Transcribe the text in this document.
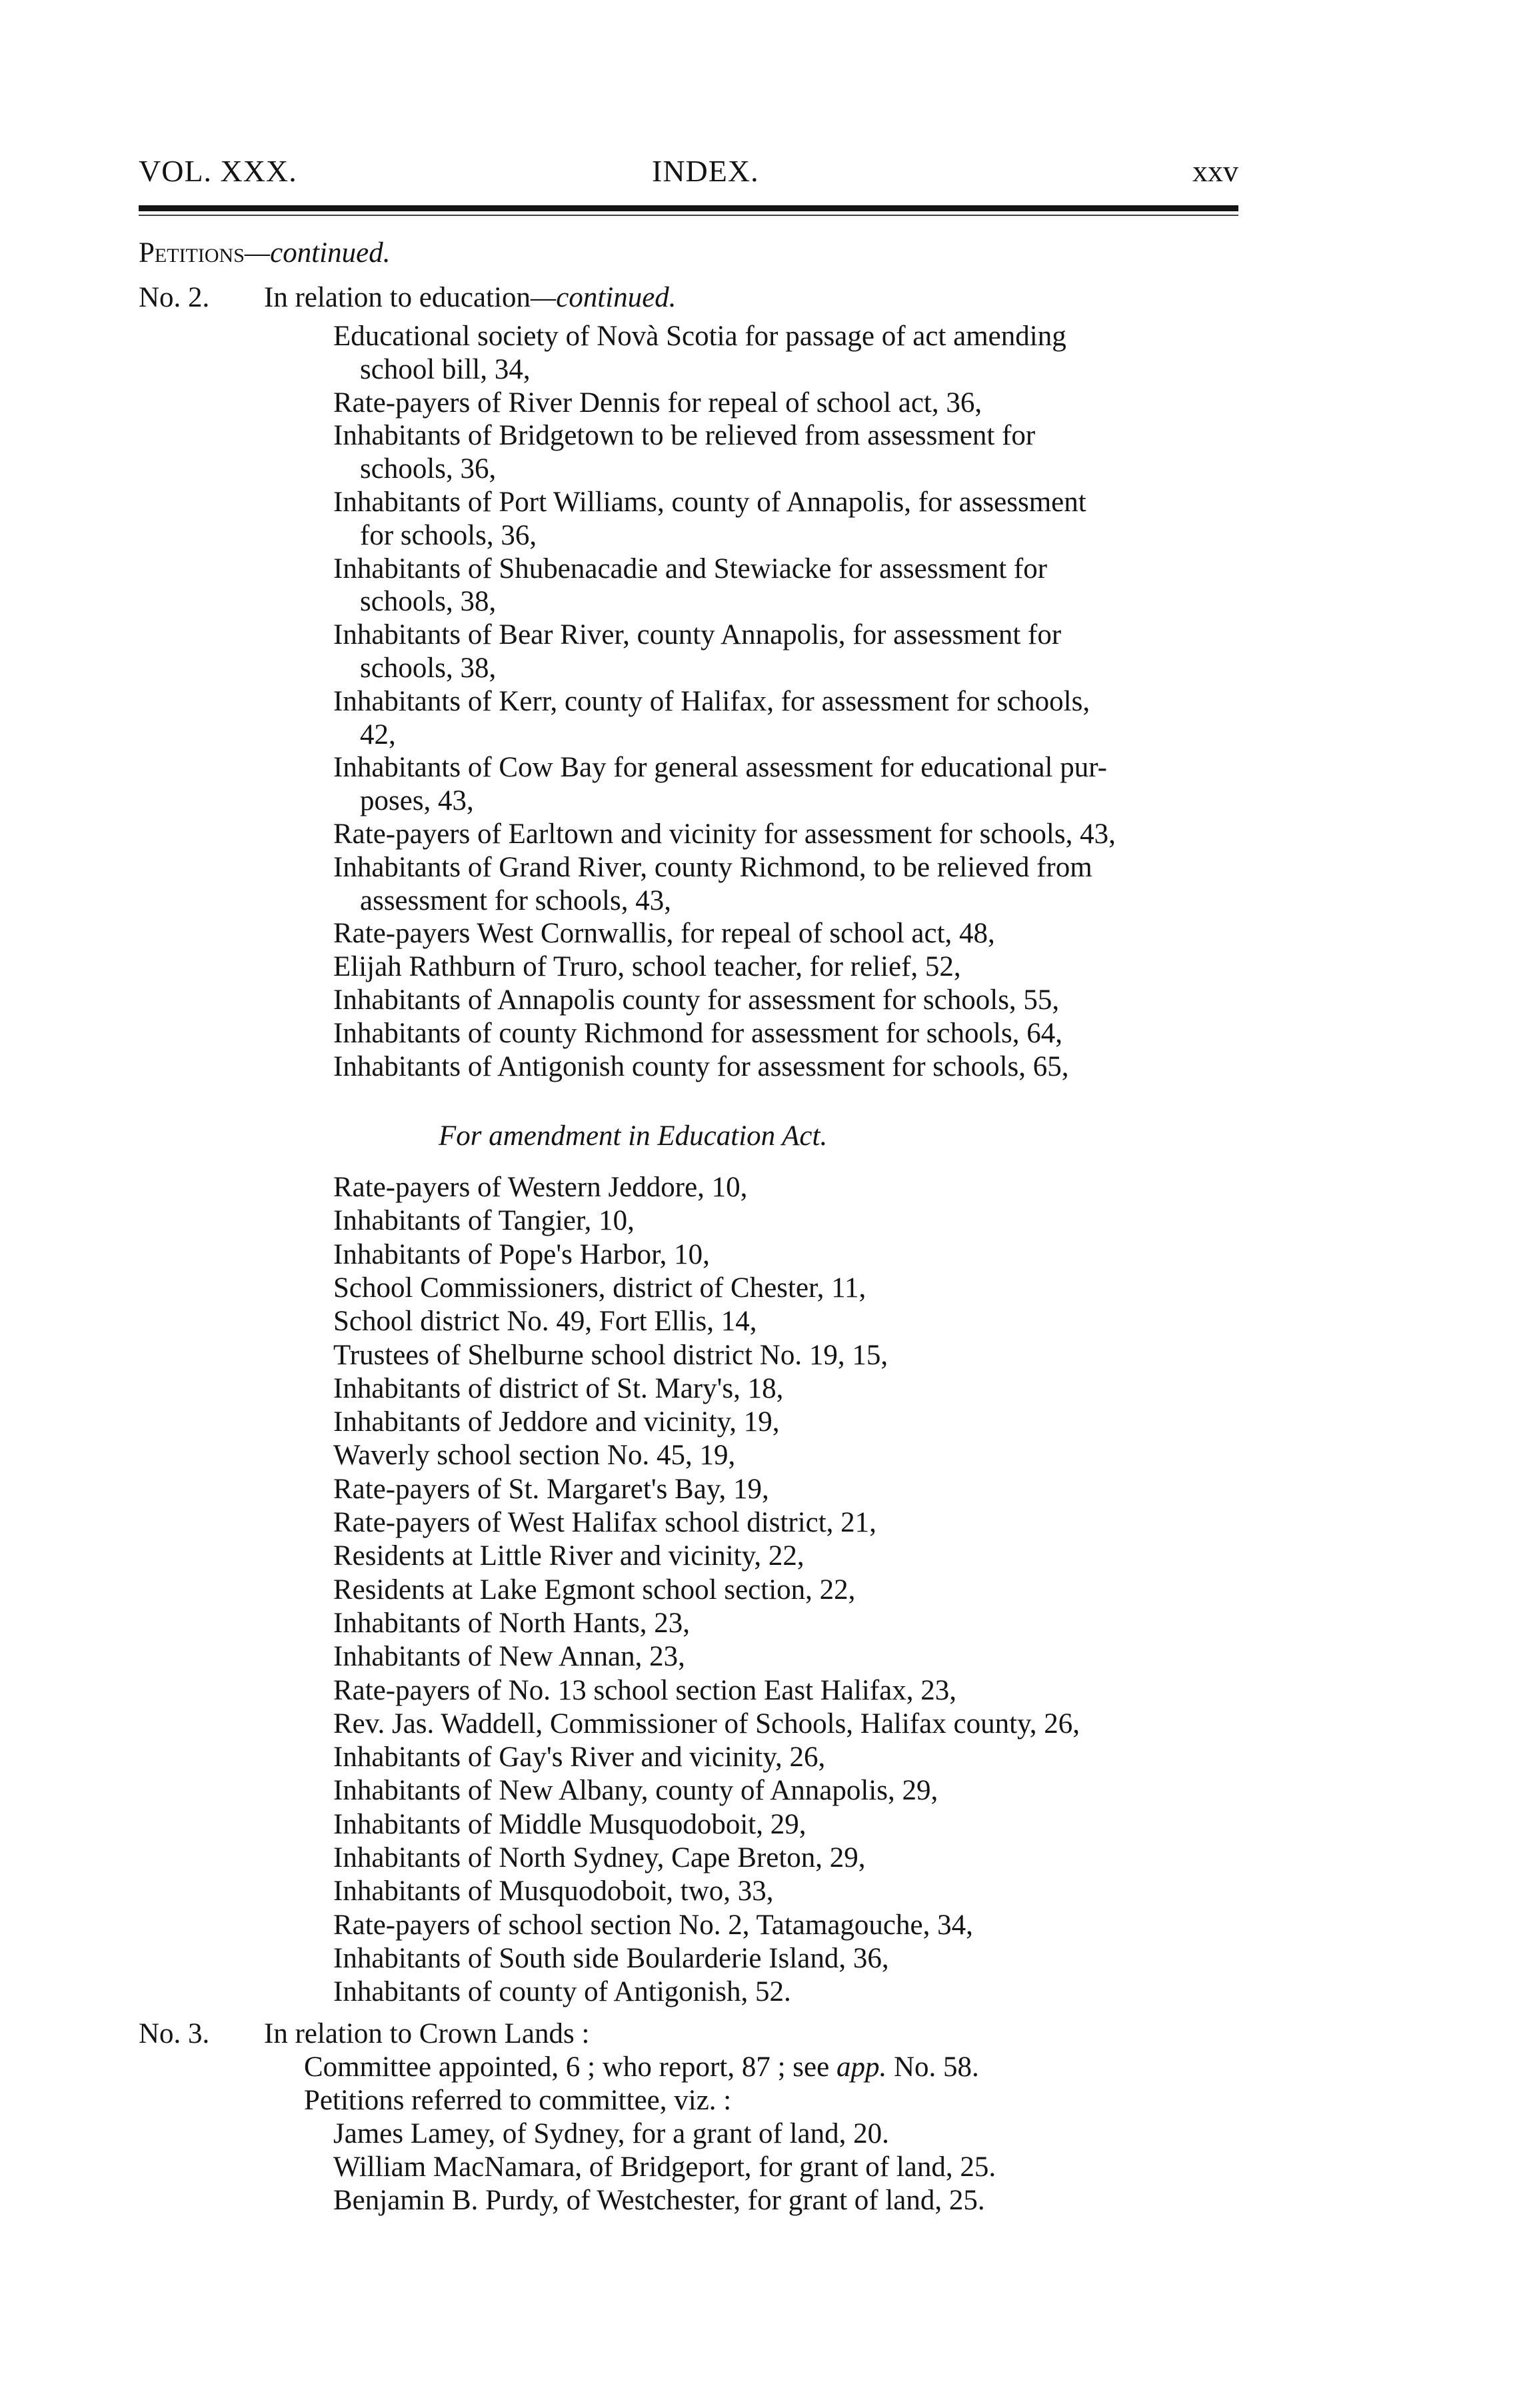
VOL. XXX.	INDEX.	xxv
Petitions—continued.
No. 2. In relation to education—continued.
Educational society of Novà Scotia for passage of act amending
school bill, 34,
Rate-payers of River Dennis for repeal of school act, 36,
Inhabitants of Bridgetown to be relieved from assessment for
schools, 36,
Inhabitants of Port Williams, county of Annapolis, for assessment
for schools, 36,
Inhabitants of Shubenacadie and Stewiacke for assessment for
schools, 38,
Inhabitants of Bear River, county Annapolis, for assessment for
schools, 38,
Inhabitants of Kerr, county of Halifax, for assessment for schools,
42,
Inhabitants of Cow Bay for general assessment for educational pur-
poses, 43,
Rate-payers of Earltown and vicinity for assessment for schools, 43,
Inhabitants of Grand River, county Richmond, to be relieved from
assessment for schools, 43,
Rate-payers West Cornwallis, for repeal of school act, 48,
Elijah Rathburn of Truro, school teacher, for relief, 52,
Inhabitants of Annapolis county for assessment for schools, 55,
Inhabitants of county Richmond for assessment for schools, 64,
Inhabitants of Antigonish county for assessment for schools, 65,
For amendment in Education Act.
Rate-payers of Western Jeddore, 10,
Inhabitants of Tangier, 10,
Inhabitants of Pope's Harbor, 10,
School Commissioners, district of Chester, 11,
School district No. 49, Fort Ellis, 14,
Trustees of Shelburne school district No. 19, 15,
Inhabitants of district of St. Mary's, 18,
Inhabitants of Jeddore and vicinity, 19,
Waverly school section No. 45, 19,
Rate-payers of St. Margaret's Bay, 19,
Rate-payers of West Halifax school district, 21,
Residents at Little River and vicinity, 22,
Residents at Lake Egmont school section, 22,
Inhabitants of North Hants, 23,
Inhabitants of New Annan, 23,
Rate-payers of No. 13 school section East Halifax, 23,
Rev. Jas. Waddell, Commissioner of Schools, Halifax county, 26,
Inhabitants of Gay's River and vicinity, 26,
Inhabitants of New Albany, county of Annapolis, 29,
Inhabitants of Middle Musquodoboit, 29,
Inhabitants of North Sydney, Cape Breton, 29,
Inhabitants of Musquodoboit, two, 33,
Rate-payers of school section No. 2, Tatamagouche, 34,
Inhabitants of South side Boularderie Island, 36,
Inhabitants of county of Antigonish, 52.
No. 3. In relation to Crown Lands :
Committee appointed, 6 ; who report, 87 ; see app. No. 58.
Petitions referred to committee, viz. :
James Lamey, of Sydney, for a grant of land, 20.
William MacNamara, of Bridgeport, for grant of land, 25.
Benjamin B. Purdy, of Westchester, for grant of land, 25.
